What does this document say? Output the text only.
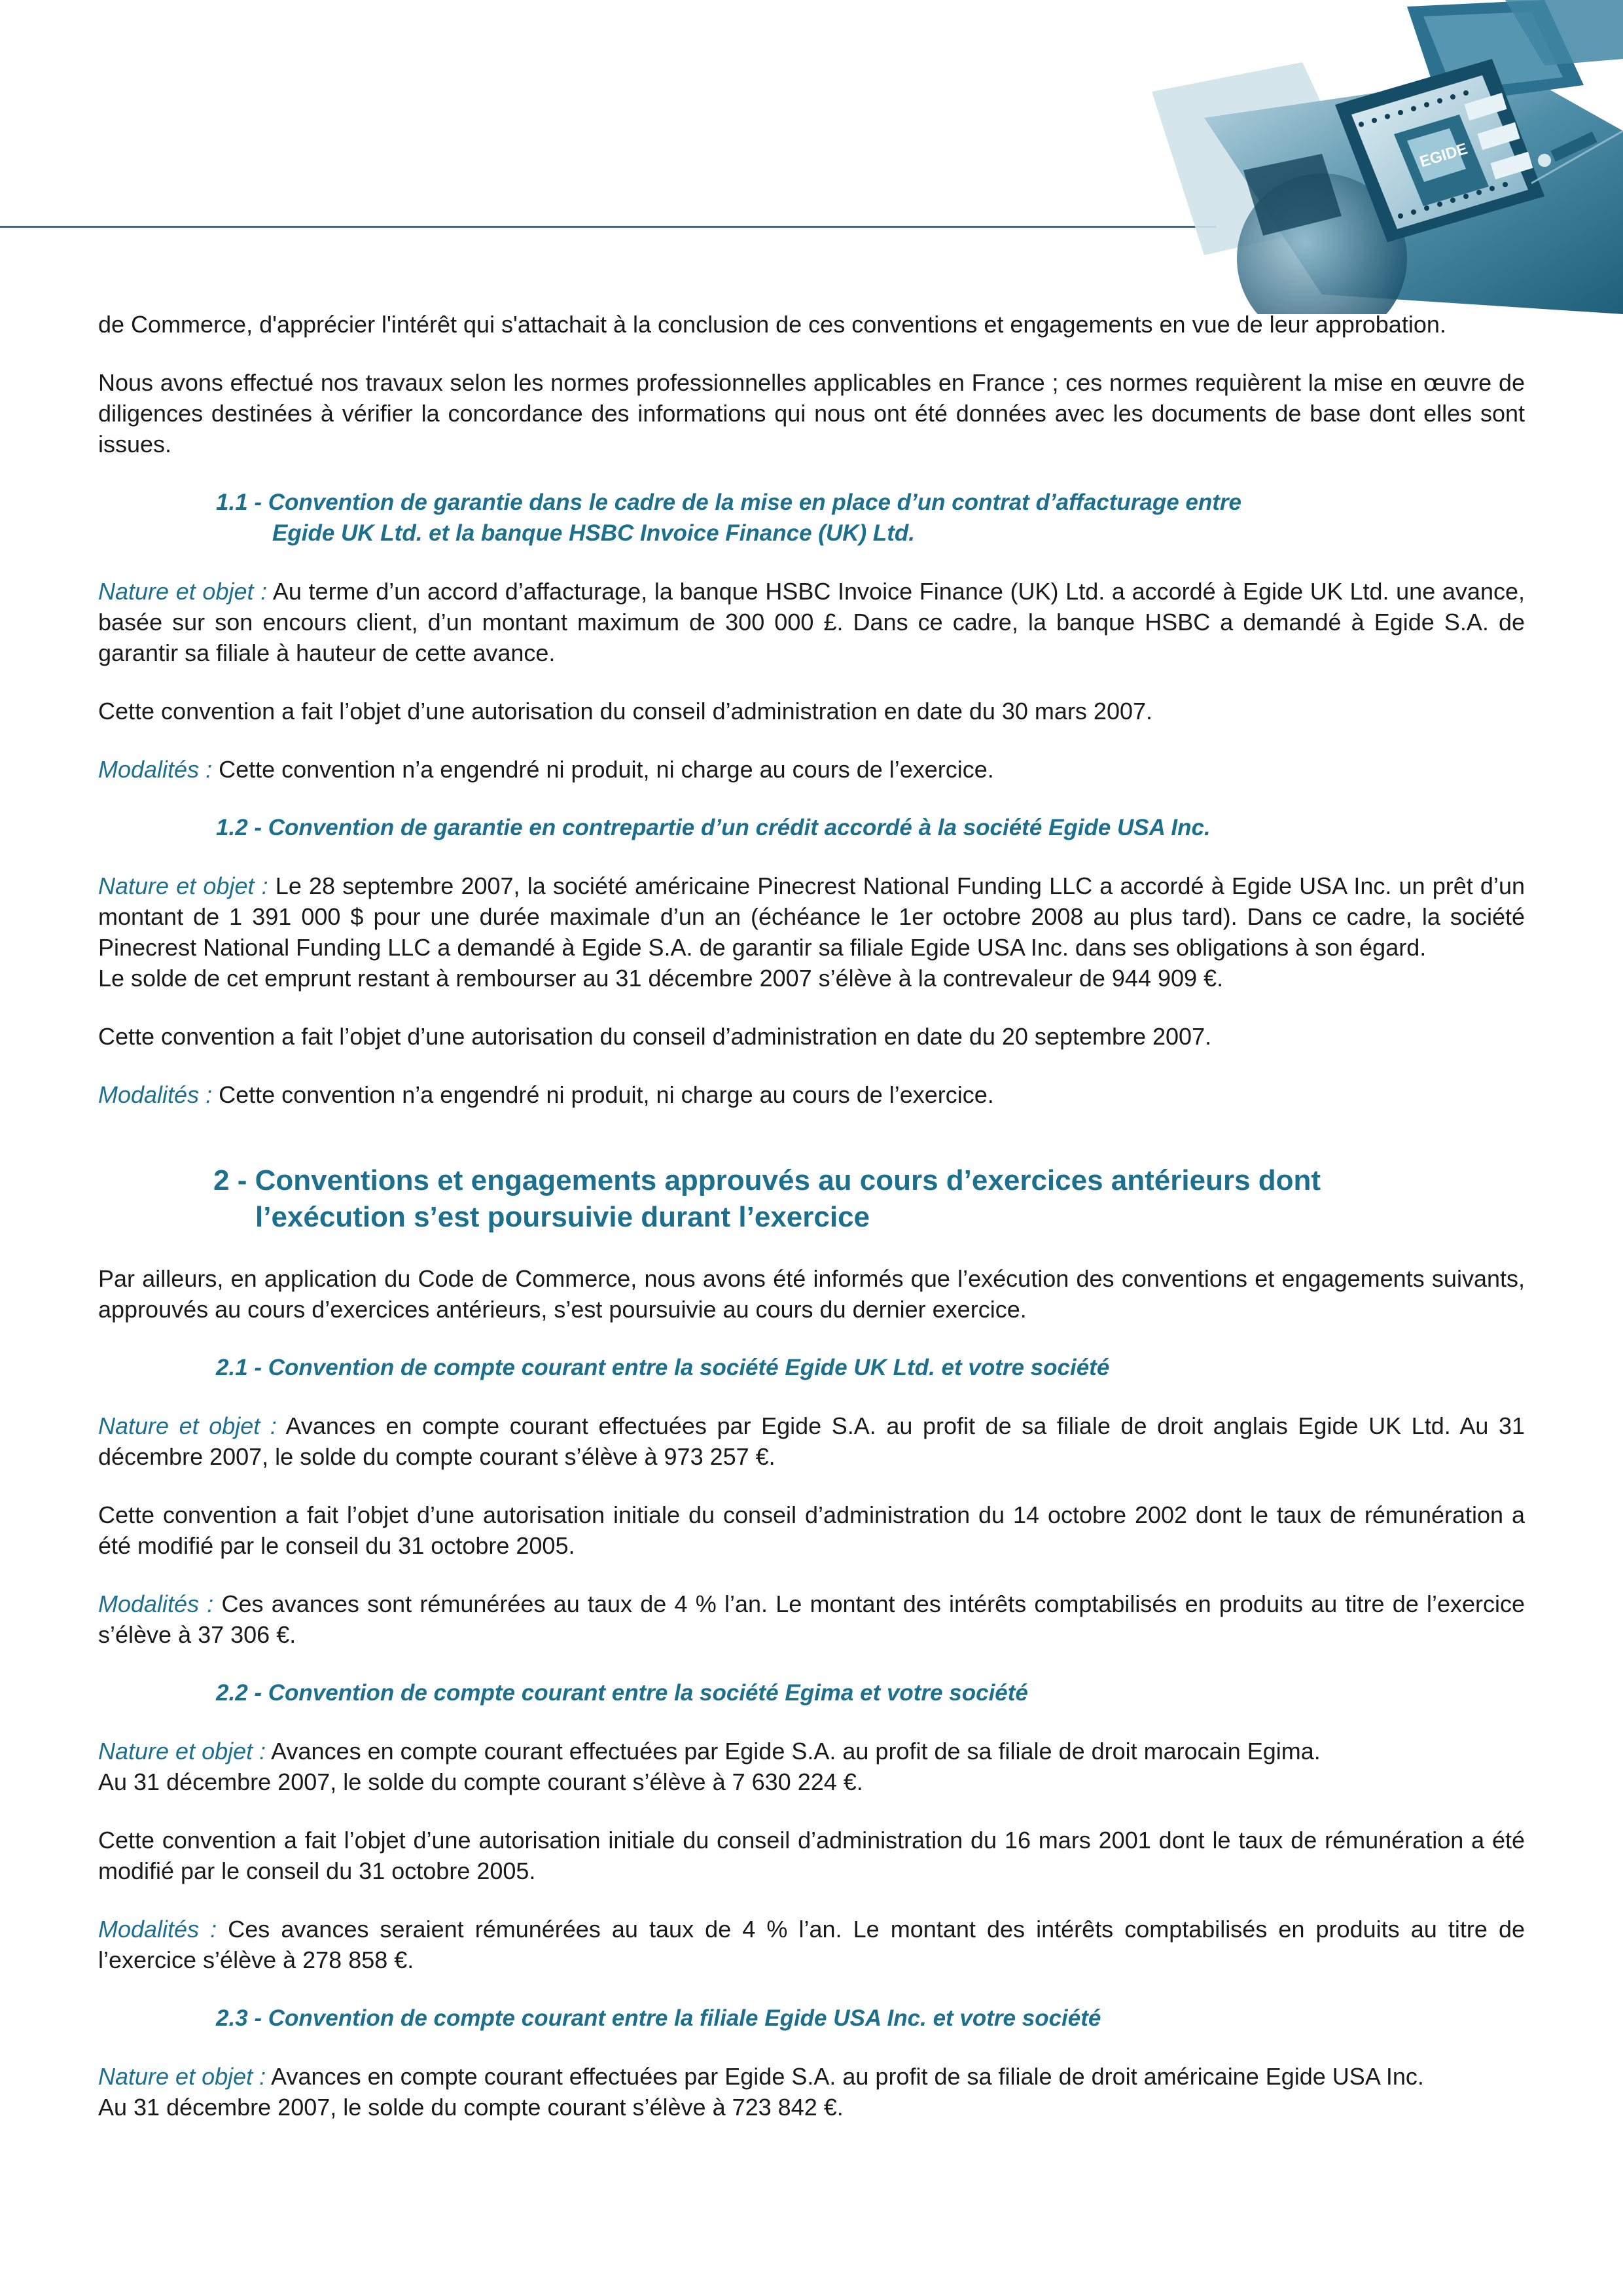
EGIDE

de Commerce, d'apprécier l'intérêt qui s'attachait à la conclusion de ces conventions et engagements en vue de leur approbation.

Nous avons effectué nos travaux selon les normes professionnelles applicables en France ; ces normes requièrent la mise en œuvre de diligences destinées à vérifier la concordance des informations qui nous ont été données avec les documents de base dont elles sont issues.

1.1 - Convention de garantie dans le cadre de la mise en place d’un contrat d’affacturage entre
Egide UK Ltd. et la banque HSBC Invoice Finance (UK) Ltd.

Nature et objet : Au terme d’un accord d’affacturage, la banque HSBC Invoice Finance (UK) Ltd. a accordé à Egide UK Ltd. une avance, basée sur son encours client, d’un montant maximum de 300 000 £. Dans ce cadre, la banque HSBC a demandé à Egide S.A. de garantir sa filiale à hauteur de cette avance.

Cette convention a fait l’objet d’une autorisation du conseil d’administration en date du 30 mars 2007.

Modalités : Cette convention n’a engendré ni produit, ni charge au cours de l’exercice.

1.2 - Convention de garantie en contrepartie d’un crédit accordé à la société Egide USA Inc.

Nature et objet : Le 28 septembre 2007, la société américaine Pinecrest National Funding LLC a accordé à Egide USA Inc. un prêt d’un montant de 1 391 000 $ pour une durée maximale d’un an (échéance le 1er octobre 2008 au plus tard). Dans ce cadre, la société Pinecrest National Funding LLC a demandé à Egide S.A. de garantir sa filiale Egide USA Inc. dans ses obligations à son égard.

Le solde de cet emprunt restant à rembourser au 31 décembre 2007 s’élève à la contrevaleur de 944 909 €.

Cette convention a fait l’objet d’une autorisation du conseil d’administration en date du 20 septembre 2007.

Modalités : Cette convention n’a engendré ni produit, ni charge au cours de l’exercice.

2 - Conventions et engagements approuvés au cours d’exercices antérieurs dont
l’exécution s’est poursuivie durant l’exercice

Par ailleurs, en application du Code de Commerce, nous avons été informés que l’exécution des conventions et engagements suivants, approuvés au cours d’exercices antérieurs, s’est poursuivie au cours du dernier exercice.

2.1 - Convention de compte courant entre la société Egide UK Ltd. et votre société

Nature et objet : Avances en compte courant effectuées par Egide S.A. au profit de sa filiale de droit anglais Egide UK Ltd. Au 31 décembre 2007, le solde du compte courant s’élève à 973 257 €.

Cette convention a fait l’objet d’une autorisation initiale du conseil d’administration du 14 octobre 2002 dont le taux de rémunération a été modifié par le conseil du 31 octobre 2005.

Modalités : Ces avances sont rémunérées au taux de 4 % l’an. Le montant des intérêts comptabilisés en produits au titre de l’exercice s’élève à 37 306 €.

2.2 - Convention de compte courant entre la société Egima et votre société

Nature et objet : Avances en compte courant effectuées par Egide S.A. au profit de sa filiale de droit marocain Egima.

Au 31 décembre 2007, le solde du compte courant s’élève à 7 630 224 €.

Cette convention a fait l’objet d’une autorisation initiale du conseil d’administration du 16 mars 2001 dont le taux de rémunération a été modifié par le conseil du 31 octobre 2005.

Modalités : Ces avances seraient rémunérées au taux de 4 % l’an. Le montant des intérêts comptabilisés en produits au titre de l’exercice s’élève à 278 858 €.

2.3 - Convention de compte courant entre la filiale Egide USA Inc. et votre société

Nature et objet : Avances en compte courant effectuées par Egide S.A. au profit de sa filiale de droit américaine Egide USA Inc.

Au 31 décembre 2007, le solde du compte courant s’élève à 723 842 €.
